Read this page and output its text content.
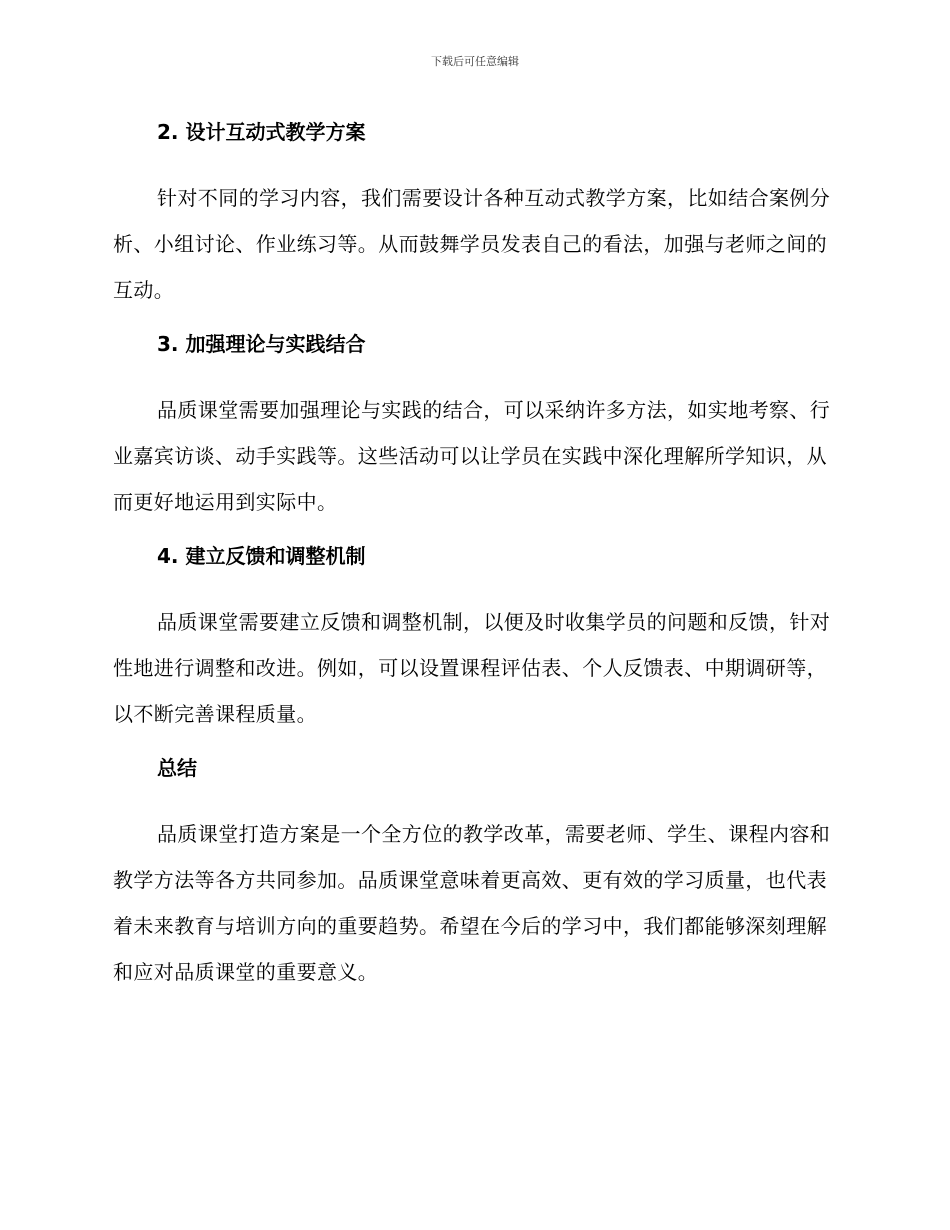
下载后可任意编辑
2. 设计互动式教学方案

针对不同的学习内容，我们需要设计各种互动式教学方案，比如结合案例分析、小组讨论、作业练习等。从而鼓舞学员发表自己的看法，加强与老师之间的互动。

3. 加强理论与实践结合

品质课堂需要加强理论与实践的结合，可以采纳许多方法，如实地考察、行业嘉宾访谈、动手实践等。这些活动可以让学员在实践中深化理解所学知识，从而更好地运用到实际中。

4. 建立反馈和调整机制

品质课堂需要建立反馈和调整机制，以便及时收集学员的问题和反馈，针对性地进行调整和改进。例如，可以设置课程评估表、个人反馈表、中期调研等，以不断完善课程质量。

总结

品质课堂打造方案是一个全方位的教学改革，需要老师、学生、课程内容和教学方法等各方共同参加。品质课堂意味着更高效、更有效的学习质量，也代表着未来教育与培训方向的重要趋势。希望在今后的学习中，我们都能够深刻理解和应对品质课堂的重要意义。
